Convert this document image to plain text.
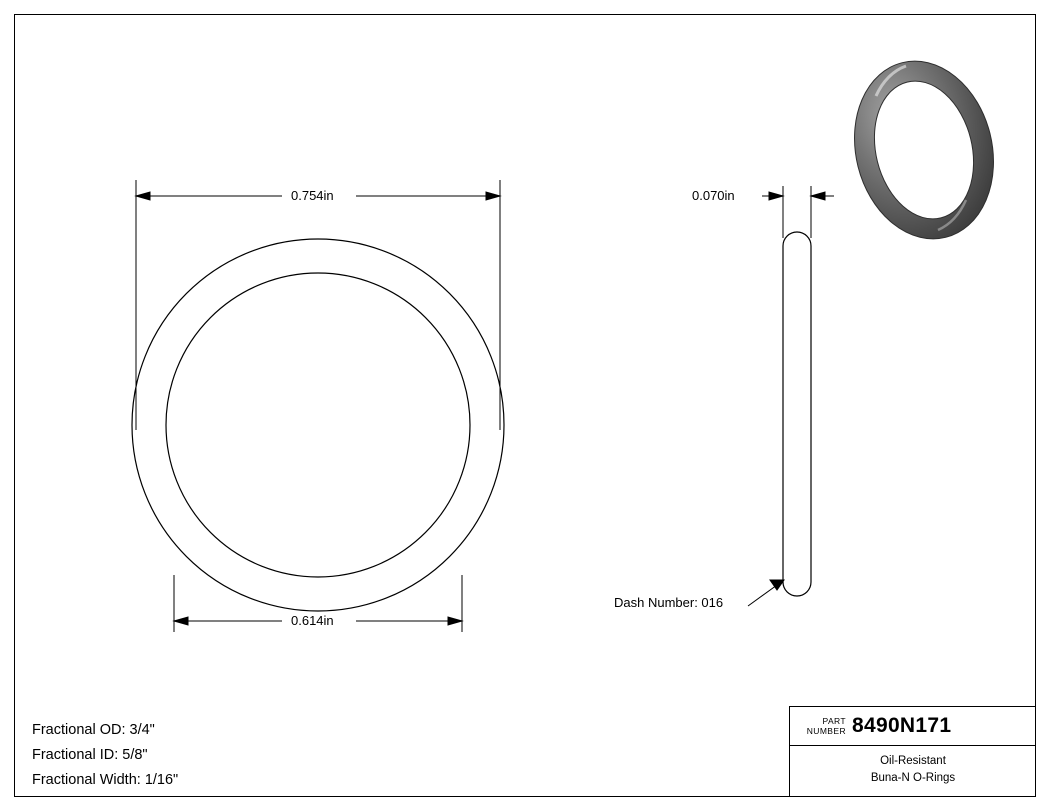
0.754in
0.614in
0.070in
Dash Number: 016
Fractional OD: 3/4"
Fractional ID: 5/8"
Fractional Width: 1/16"
PART
NUMBER 8490N171
Oil-Resistant
Buna-N O-Rings
